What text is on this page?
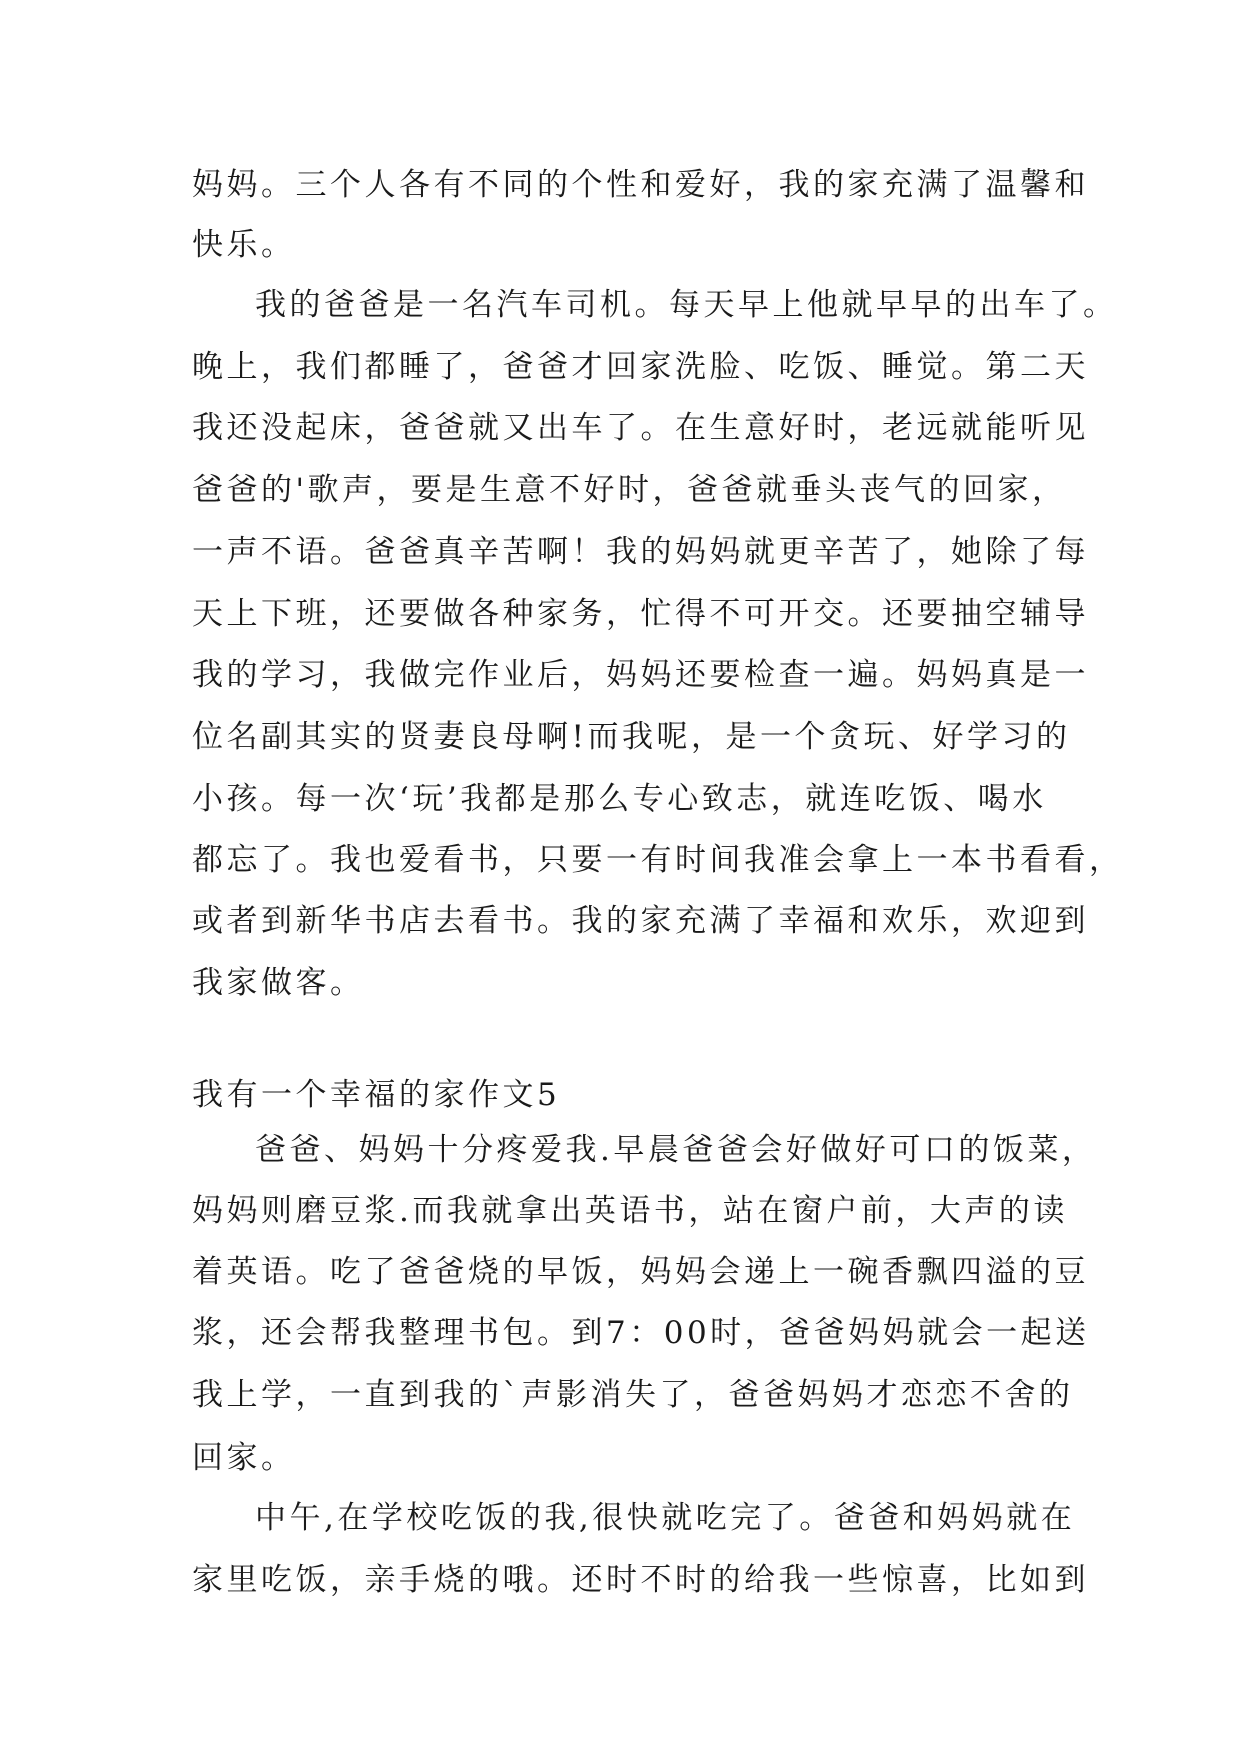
妈妈。三个人各有不同的个性和爱好，我的家充满了温馨和
快乐。
我的爸爸是一名汽车司机。每天早上他就早早的出车了。
晚上，我们都睡了，爸爸才回家洗脸、吃饭、睡觉。第二天
我还没起床，爸爸就又出车了。在生意好时，老远就能听见
爸爸的'歌声，要是生意不好时，爸爸就垂头丧气的回家，
一声不语。爸爸真辛苦啊！我的妈妈就更辛苦了，她除了每
天上下班，还要做各种家务，忙得不可开交。还要抽空辅导
我的学习，我做完作业后，妈妈还要检查一遍。妈妈真是一
位名副其实的贤妻良母啊!而我呢，是一个贪玩、好学习的
小孩。每一次‘玩’我都是那么专心致志，就连吃饭、喝水
都忘了。我也爱看书，只要一有时间我准会拿上一本书看看，
或者到新华书店去看书。我的家充满了幸福和欢乐，欢迎到
我家做客。
我有一个幸福的家作文5
爸爸、妈妈十分疼爱我.早晨爸爸会好做好可口的饭菜，
妈妈则磨豆浆.而我就拿出英语书，站在窗户前，大声的读
着英语。吃了爸爸烧的早饭，妈妈会递上一碗香飘四溢的豆
浆，还会帮我整理书包。到7：00时，爸爸妈妈就会一起送
我上学，一直到我的`声影消失了，爸爸妈妈才恋恋不舍的
回家。
中午,在学校吃饭的我,很快就吃完了。爸爸和妈妈就在
家里吃饭，亲手烧的哦。还时不时的给我一些惊喜，比如到
